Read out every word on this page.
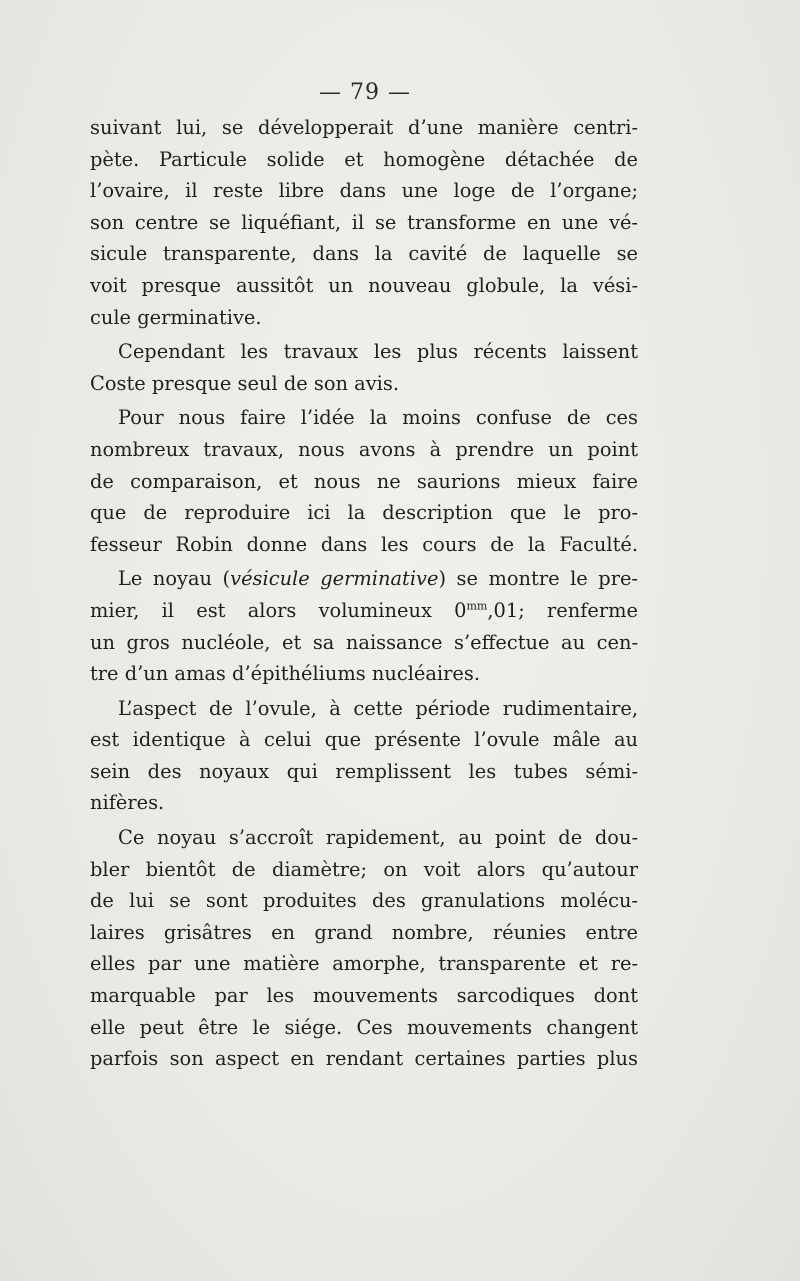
— 79 —
suivant lui, se développerait d’une manière centri-
pète. Particule solide et homogène détachée de
l’ovaire, il reste libre dans une loge de l’organe;
son centre se liquéfiant, il se transforme en une vé-
sicule transparente, dans la cavité de laquelle se
voit presque aussitôt un nouveau globule, la vési-
cule germinative.
Cependant les travaux les plus récents laissent
Coste presque seul de son avis.
Pour nous faire l’idée la moins confuse de ces
nombreux travaux, nous avons à prendre un point
de comparaison, et nous ne saurions mieux faire
que de reproduire ici la description que le pro-
fesseur Robin donne dans les cours de la Faculté.
Le noyau (vésicule germinative) se montre le pre-
mier, il est alors volumineux $0^{mm},01$; renferme
un gros nucléole, et sa naissance s’effectue au cen-
tre d’un amas d’épithéliums nucléaires.
L’aspect de l’ovule, à cette période rudimentaire,
est identique à celui que présente l’ovule mâle au
sein des noyaux qui remplissent les tubes sémi-
nifères.
Ce noyau s’accroît rapidement, au point de dou-
bler bientôt de diamètre; on voit alors qu’autour
de lui se sont produites des granulations molécu-
laires grisâtres en grand nombre, réunies entre
elles par une matière amorphe, transparente et re-
marquable par les mouvements sarcodiques dont
elle peut être le siége. Ces mouvements changent
parfois son aspect en rendant certaines parties plus
